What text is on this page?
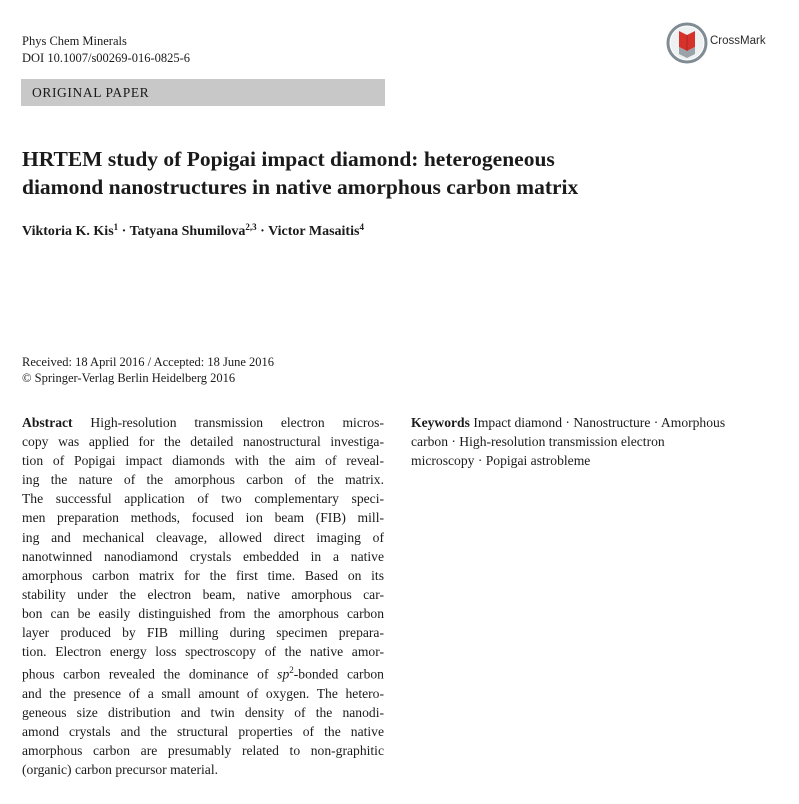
Phys Chem Minerals
DOI 10.1007/s00269-016-0825-6
CrossMark
ORIGINAL PAPER
HRTEM study of Popigai impact diamond: heterogeneous
diamond nanostructures in native amorphous carbon matrix
Viktoria K. Kis$^1$ · Tatyana Shumilova$^{2,3}$ · Victor Masaitis$^4$
Received: 18 April 2016 / Accepted: 18 June 2016
© Springer-Verlag Berlin Heidelberg 2016
Abstract High-resolution transmission electron micros-
copy was applied for the detailed nanostructural investiga-
tion of Popigai impact diamonds with the aim of reveal-
ing the nature of the amorphous carbon of the matrix.
The successful application of two complementary speci-
men preparation methods, focused ion beam (FIB) mill-
ing and mechanical cleavage, allowed direct imaging of
nanotwinned nanodiamond crystals embedded in a native
amorphous carbon matrix for the first time. Based on its
stability under the electron beam, native amorphous car-
bon can be easily distinguished from the amorphous carbon
layer produced by FIB milling during specimen prepara-
tion. Electron energy loss spectroscopy of the native amor-
phous carbon revealed the dominance of $sp^2$-bonded carbon
and the presence of a small amount of oxygen. The hetero-
geneous size distribution and twin density of the nanodi-
amond crystals and the structural properties of the native
amorphous carbon are presumably related to non-graphitic
(organic) carbon precursor material.
Keywords Impact diamond · Nanostructure · Amorphous
carbon · High-resolution transmission electron
microscopy · Popigai astrobleme
